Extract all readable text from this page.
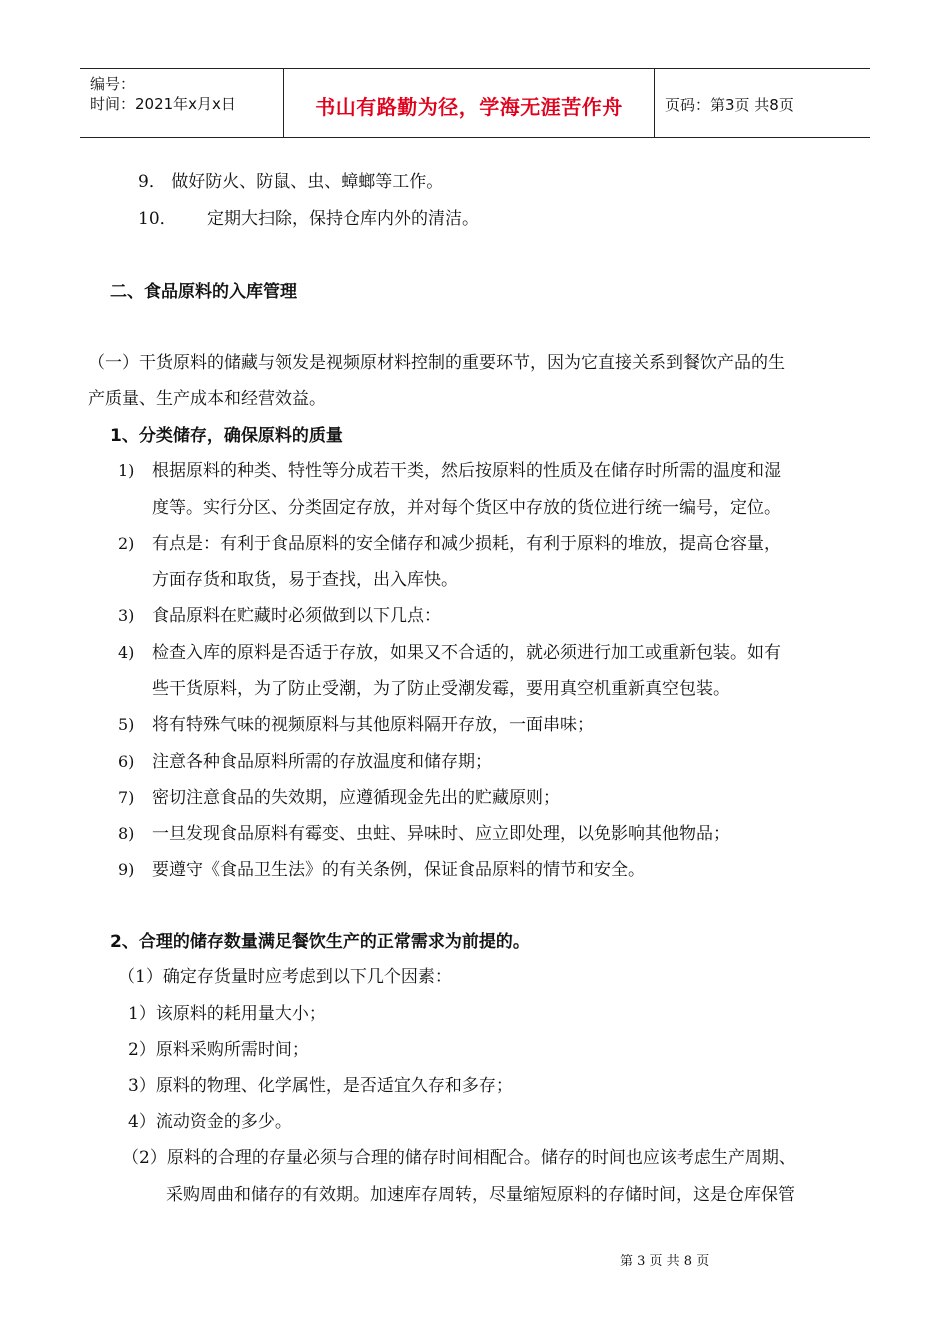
编号：
时间：2021年x月x日	书山有路勤为径，学海无涯苦作舟	页码：第3页 共8页
9． 做好防火、防鼠、虫、蟑螂等工作。
10． 定期大扫除，保持仓库内外的清洁。
二、食品原料的入库管理
（一）干货原料的储藏与领发是视频原材料控制的重要环节，因为它直接关系到餐饮产品的生
产质量、生产成本和经营效益。
1、分类储存，确保原料的质量
1) 根据原料的种类、特性等分成若干类，然后按原料的性质及在储存时所需的温度和湿
度等。实行分区、分类固定存放，并对每个货区中存放的货位进行统一编号，定位。
2) 有点是：有利于食品原料的安全储存和减少损耗，有利于原料的堆放，提高仓容量，
方面存货和取货，易于查找，出入库快。
3) 食品原料在贮藏时必须做到以下几点：
4) 检查入库的原料是否适于存放，如果又不合适的，就必须进行加工或重新包装。如有
些干货原料，为了防止受潮，为了防止受潮发霉，要用真空机重新真空包装。
5) 将有特殊气味的视频原料与其他原料隔开存放，一面串味；
6) 注意各种食品原料所需的存放温度和储存期；
7) 密切注意食品的失效期，应遵循现金先出的贮藏原则；
8) 一旦发现食品原料有霉变、虫蛀、异味时、应立即处理，以免影响其他物品；
9) 要遵守《食品卫生法》的有关条例，保证食品原料的情节和安全。
2、合理的储存数量满足餐饮生产的正常需求为前提的。
（1）确定存货量时应考虑到以下几个因素：
1）该原料的耗用量大小；
2）原料采购所需时间；
3）原料的物理、化学属性，是否适宜久存和多存；
4）流动资金的多少。
（2）原料的合理的存量必须与合理的储存时间相配合。储存的时间也应该考虑生产周期、
采购周曲和储存的有效期。加速库存周转，尽量缩短原料的存储时间，这是仓库保管
第 3 页 共 8 页
